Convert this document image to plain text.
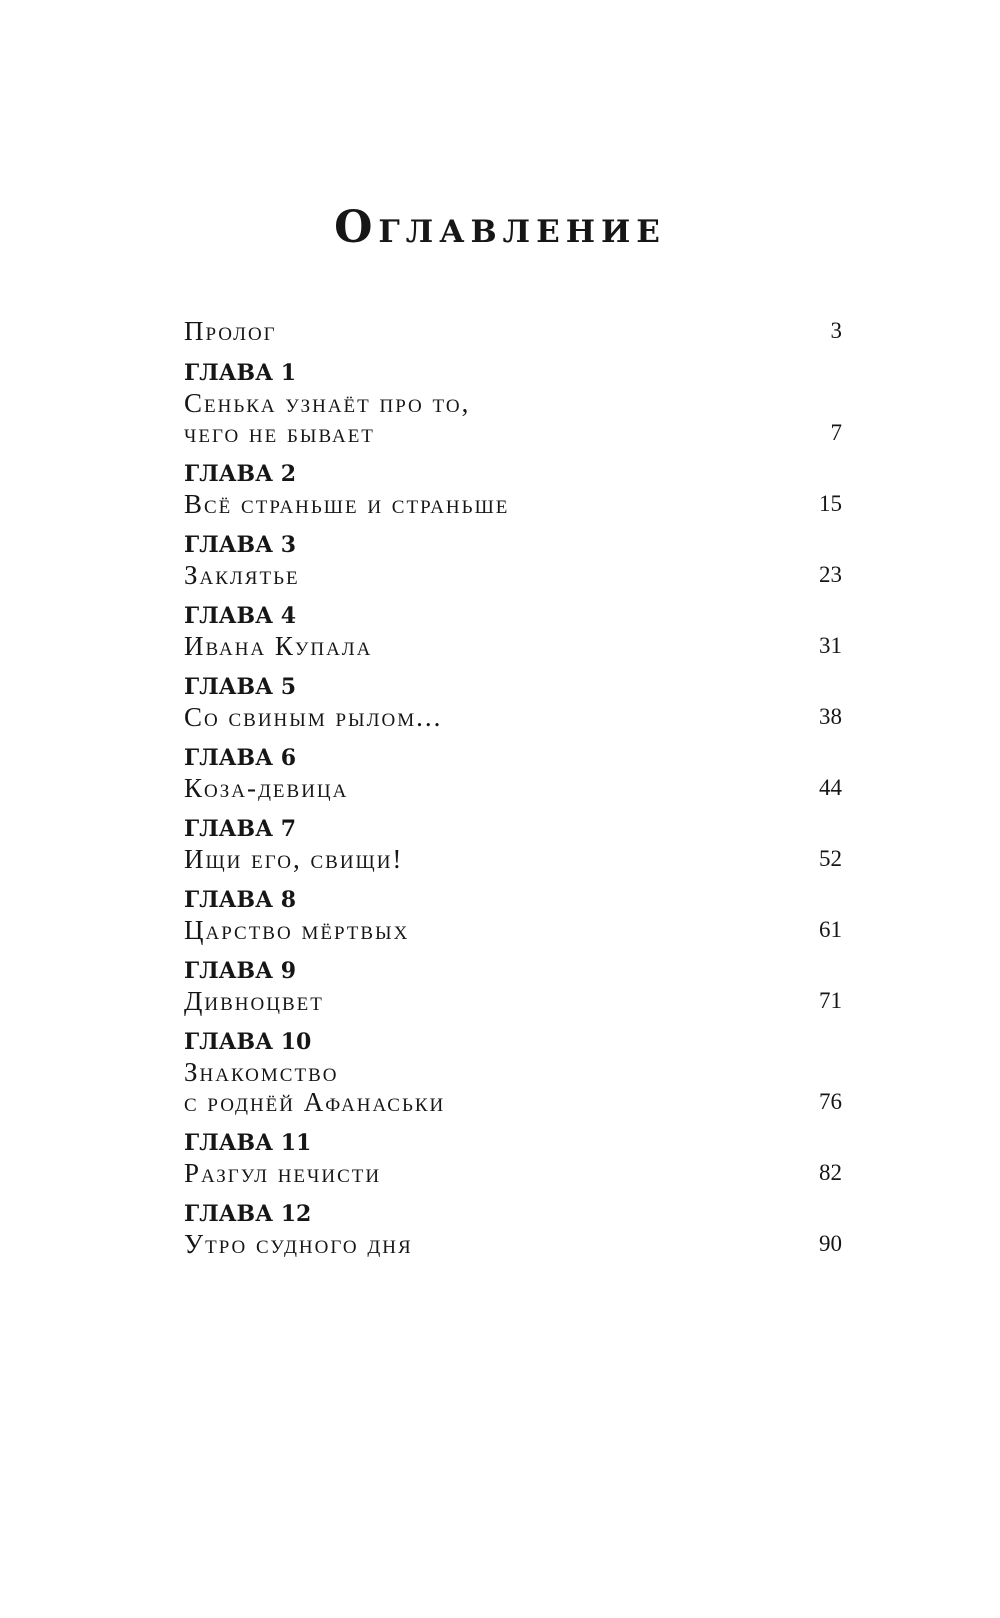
Оглавление
Пролог	3
ГЛАВА 1
Сенька узнаёт про то,
чего не бывает	7
ГЛАВА 2
Всё страньше и страньше	15
ГЛАВА 3
Заклятье	23
ГЛАВА 4
Ивана Купала	31
ГЛАВА 5
Со свиным рылом...	38
ГЛАВА 6
Коза-девица	44
ГЛАВА 7
Ищи его, свищи!	52
ГЛАВА 8
Царство мёртвых	61
ГЛАВА 9
Дивноцвет	71
ГЛАВА 10
Знакомство
с роднёй Афанаськи	76
ГЛАВА 11
Разгул нечисти	82
ГЛАВА 12
Утро судного дня	90
